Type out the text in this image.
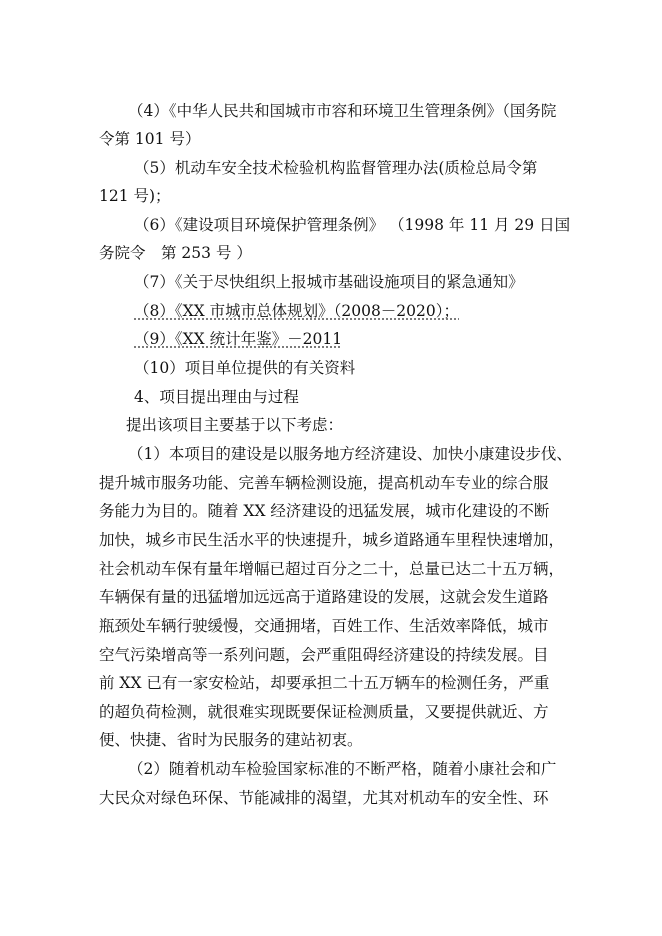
（4）《中华人民共和国城市市容和环境卫生管理条例》（国务院
令第 101 号）
（5）机动车安全技术检验机构监督管理办法(质检总局令第
121 号)；
（6）《建设项目环境保护管理条例》 （1998 年 11 月 29 日国
务院令　第 253 号 ）
（7）《关于尽快组织上报城市基础设施项目的紧急通知》
（8）《XX 市城市总体规划》（2008－2020）；
（9）《XX 统计年鉴》－2011
（10）项目单位提供的有关资料
4、项目提出理由与过程
提出该项目主要基于以下考虑：
（1）本项目的建设是以服务地方经济建设、加快小康建设步伐、
提升城市服务功能、完善车辆检测设施，提高机动车专业的综合服
务能力为目的。随着 XX 经济建设的迅猛发展，城市化建设的不断
加快，城乡市民生活水平的快速提升，城乡道路通车里程快速增加，
社会机动车保有量年增幅已超过百分之二十，总量已达二十五万辆，
车辆保有量的迅猛增加远远高于道路建设的发展，这就会发生道路
瓶颈处车辆行驶缓慢，交通拥堵，百姓工作、生活效率降低，城市
空气污染增高等一系列问题，会严重阻碍经济建设的持续发展。目
前 XX 已有一家安检站，却要承担二十五万辆车的检测任务，严重
的超负荷检测，就很难实现既要保证检测质量，又要提供就近、方
便、快捷、省时为民服务的建站初衷。
（2）随着机动车检验国家标准的不断严格，随着小康社会和广
大民众对绿色环保、节能减排的渴望，尤其对机动车的安全性、环
